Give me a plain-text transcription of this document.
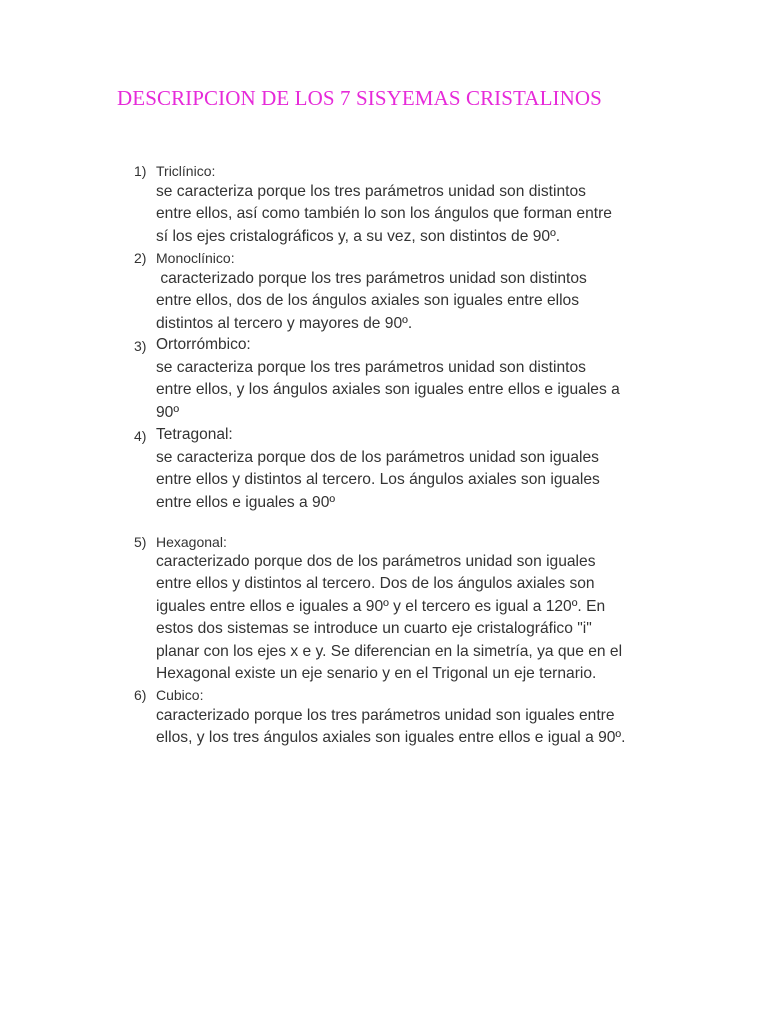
DESCRIPCION DE LOS 7 SISYEMAS CRISTALINOS
1) Triclínico:
se caracteriza porque los tres parámetros unidad son distintos
entre ellos, así como también lo son los ángulos que forman entre
sí los ejes cristalográficos y, a su vez, son distintos de 90º.
2) Monoclínico:
caracterizado porque los tres parámetros unidad son distintos
entre ellos, dos de los ángulos axiales son iguales entre ellos
distintos al tercero y mayores de 90º.
3) Ortorrómbico:
se caracteriza porque los tres parámetros unidad son distintos
entre ellos, y los ángulos axiales son iguales entre ellos e iguales a
90º
4) Tetragonal:
se caracteriza porque dos de los parámetros unidad son iguales
entre ellos y distintos al tercero. Los ángulos axiales son iguales
entre ellos e iguales a 90º
5) Hexagonal:
caracterizado porque dos de los parámetros unidad son iguales
entre ellos y distintos al tercero. Dos de los ángulos axiales son
iguales entre ellos e iguales a 90º y el tercero es igual a 120º. En
estos dos sistemas se introduce un cuarto eje cristalográfico "i"
planar con los ejes x e y. Se diferencian en la simetría, ya que en el
Hexagonal existe un eje senario y en el Trigonal un eje ternario.
6) Cubico:
caracterizado porque los tres parámetros unidad son iguales entre
ellos, y los tres ángulos axiales son iguales entre ellos e igual a 90º.
